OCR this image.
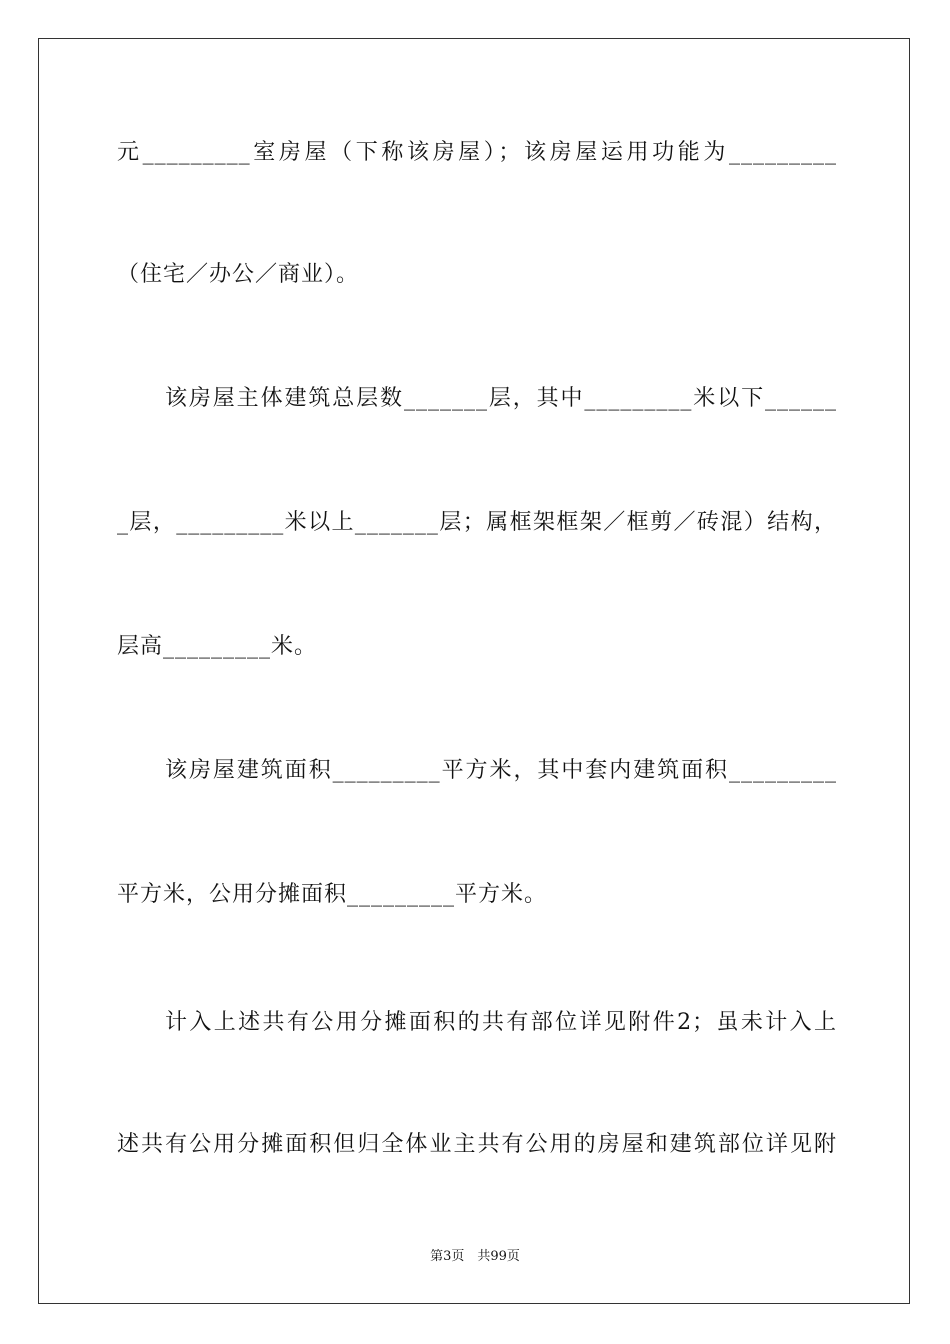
元_________室房屋（下称该房屋）；该房屋运用功能为_________
（住宅／办公／商业）。
该房屋主体建筑总层数_______层，其中_________米以下______
_层，_________米以上_______层；属框架框架／框剪／砖混）结构，
层高_________米。
该房屋建筑面积_________平方米，其中套内建筑面积_________
平方米，公用分摊面积_________平方米。
计入上述共有公用分摊面积的共有部位详见附件2；虽未计入上
述共有公用分摊面积但归全体业主共有公用的房屋和建筑部位详见附
第3页　共99页
